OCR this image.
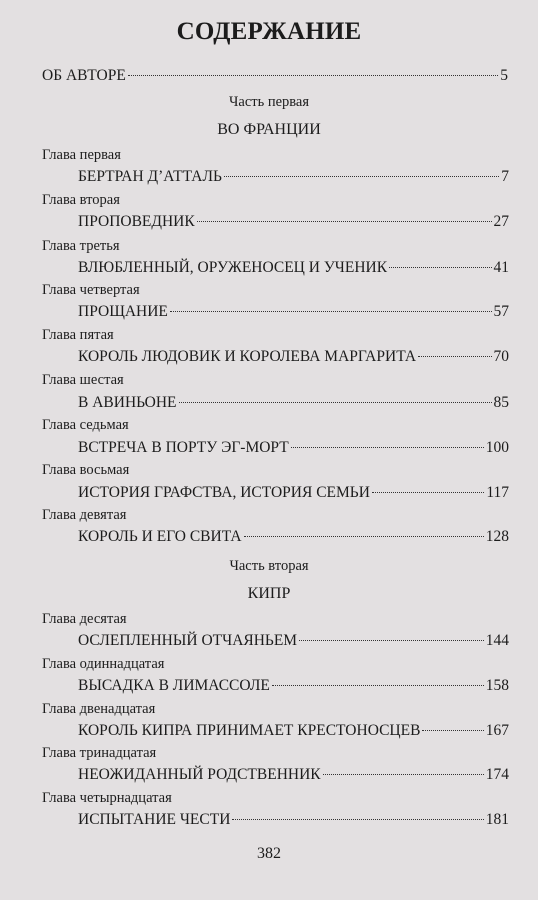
СОДЕРЖАНИЕ
ОБ АВТОРЕ	5
Часть первая
ВО ФРАНЦИИ
Глава первая
БЕРТРАН Д’АТТАЛЬ	7
Глава вторая
ПРОПОВЕДНИК	27
Глава третья
ВЛЮБЛЕННЫЙ, ОРУЖЕНОСЕЦ И УЧЕНИК	41
Глава четвертая
ПРОЩАНИЕ	57
Глава пятая
КОРОЛЬ ЛЮДОВИК И КОРОЛЕВА МАРГАРИТА	70
Глава шестая
В АВИНЬОНЕ	85
Глава седьмая
ВСТРЕЧА В ПОРТУ ЭГ-МОРТ	100
Глава восьмая
ИСТОРИЯ ГРАФСТВА, ИСТОРИЯ СЕМЬИ	117
Глава девятая
КОРОЛЬ И ЕГО СВИТА	128
Часть вторая
КИПР
Глава десятая
ОСЛЕПЛЕННЫЙ ОТЧАЯНЬЕМ	144
Глава одиннадцатая
ВЫСАДКА В ЛИМАССОЛЕ	158
Глава двенадцатая
КОРОЛЬ КИПРА ПРИНИМАЕТ КРЕСТОНОСЦЕВ	167
Глава тринадцатая
НЕОЖИДАННЫЙ РОДСТВЕННИК	174
Глава четырнадцатая
ИСПЫТАНИЕ ЧЕСТИ	181
382
